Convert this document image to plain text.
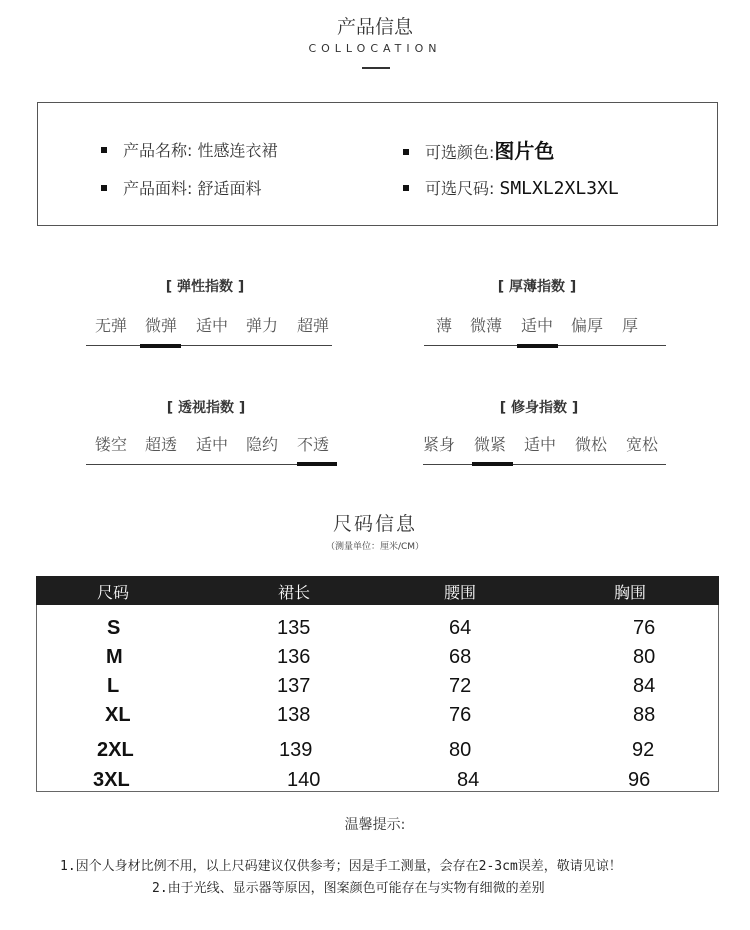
产品信息
COLLOCATION
产品名称: 性感连衣裙
产品面料: 舒适面料
可选颜色:图片色
可选尺码: SMLXL2XL3XL
[ 弹性指数 ]
无弹 微弹 适中 弹力 超弹
[ 厚薄指数 ]
薄 微薄 适中 偏厚 厚
[ 透视指数 ]
镂空 超透 适中 隐约 不透
[ 修身指数 ]
紧身 微紧 适中 微松 宽松
尺码信息
（测量单位：厘米/CM）
尺码	裙长	腰围	胸围
S	135	64	76
M	136	68	80
L	137	72	84
XL	138	76	88
2XL	139	80	92
3XL	140	84	96
温馨提示:
1.因个人身材比例不用，以上尺码建议仅供参考；因是手工测量，会存在2-3cm误差，敬请见谅！
2.由于光线、显示器等原因，图案颜色可能存在与实物有细微的差别
